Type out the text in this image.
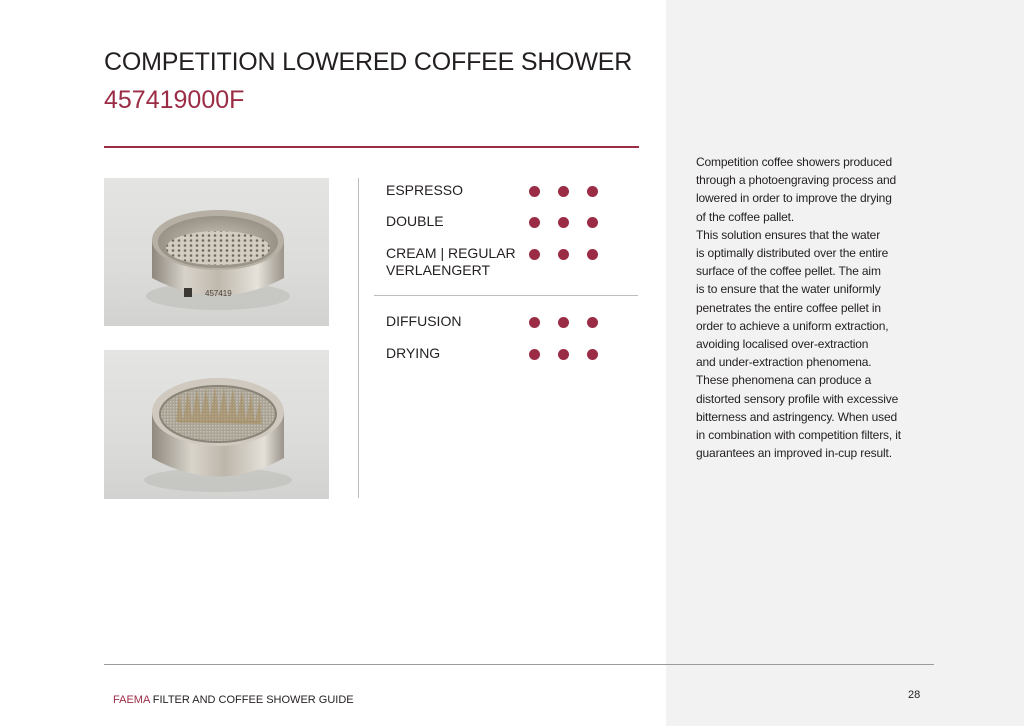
COMPETITION LOWERED COFFEE SHOWER
457419000F
457419
ESPRESSO
DOUBLE
CREAM | REGULAR VERLAENGERT
DIFFUSION
DRYING

Competition coffee showers produced

through a photoengraving process and

lowered in order to improve the drying

of the coffee pallet.

This solution ensures that the water

is optimally distributed over the entire

surface of the coffee pellet. The aim

is to ensure that the water uniformly

penetrates the entire coffee pellet in

order to achieve a uniform extraction,

avoiding localised over-extraction

and under-extraction phenomena.

These phenomena can produce a

distorted sensory profile with excessive

bitterness and astringency. When used

in combination with competition filters, it

guarantees an improved in-cup result.

FAEMA FILTER AND COFFEE SHOWER GUIDE	28
